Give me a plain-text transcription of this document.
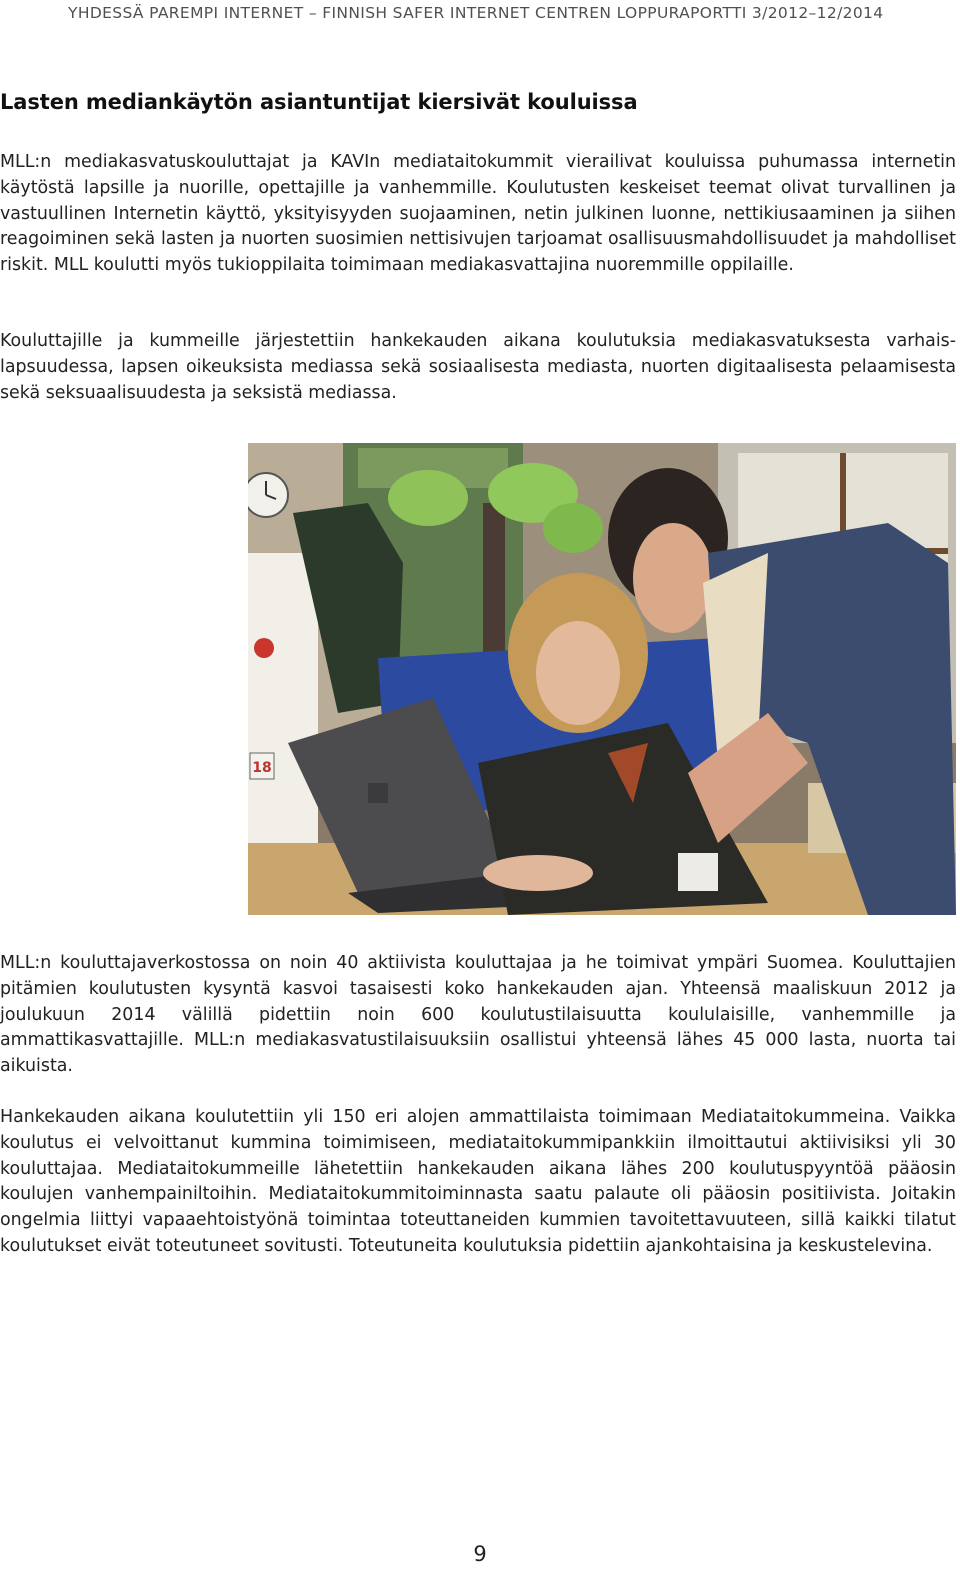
YHDESSÄ PAREMPI INTERNET – FINNISH SAFER INTERNET CENTREN LOPPURAPORTTI 3/2012–12/2014
Lasten mediankäytön asiantuntijat kiersivät kouluissa

MLL:n mediakasvatuskouluttajat ja KAVIn mediataitokummit vierailivat kouluissa puhumassa internetin käytöstä lapsille ja nuorille, opettajille ja vanhemmille. Koulutusten keskeiset teemat olivat turvallinen ja vastuullinen Internetin käyttö, yksityisyyden suojaaminen, netin julkinen luonne, nettikiusaaminen ja siihen reagoiminen sekä lasten ja nuorten suosimien nettisivujen tarjoamat osallisuusmahdollisuudet ja mahdolliset riskit. MLL koulutti myös tukioppilaita toimimaan mediakasvattajina nuoremmille oppilaille.

Kouluttajille ja kummeille järjestettiin hankekauden aikana koulutuksia mediakasvatuksesta varhaislapsuudessa, lapsen oikeuksista mediassa sekä sosiaalisesta mediasta, nuorten digitaalisesta pelaamisesta sekä seksuaalisuudesta ja seksistä mediassa.

18

MLL:n kouluttajaverkostossa on noin 40 aktiivista kouluttajaa ja he toimivat ympäri Suomea. Kouluttajien pitämien koulutusten kysyntä kasvoi tasaisesti koko hankekauden ajan. Yhteensä maaliskuun 2012 ja joulukuun 2014 välillä pidettiin noin 600 koulutustilaisuutta koululaisille, vanhemmille ja ammattikasvattajille. MLL:n mediakasvatustilaisuuksiin osallistui yhteensä lähes 45 000 lasta, nuorta tai aikuista.

Hankekauden aikana koulutettiin yli 150 eri alojen ammattilaista toimimaan Mediataitokummeina. Vaikka koulutus ei velvoittanut kummina toimimiseen, mediataitokummipankkiin ilmoittautui aktiivisiksi yli 30 kouluttajaa. Mediataitokummeille lähetettiin hankekauden aikana lähes 200 koulutuspyyntöä pääosin koulujen vanhempainiltoihin. Mediataitokummitoiminnasta saatu palaute oli pääosin positiivista. Joitakin ongelmia liittyi vapaaehtoistyönä toimintaa toteuttaneiden kummien tavoitettavuuteen, sillä kaikki tilatut koulutukset eivät toteutuneet sovitusti. Toteutuneita koulutuksia pidettiin ajankohtaisina ja keskustelevina.

9
